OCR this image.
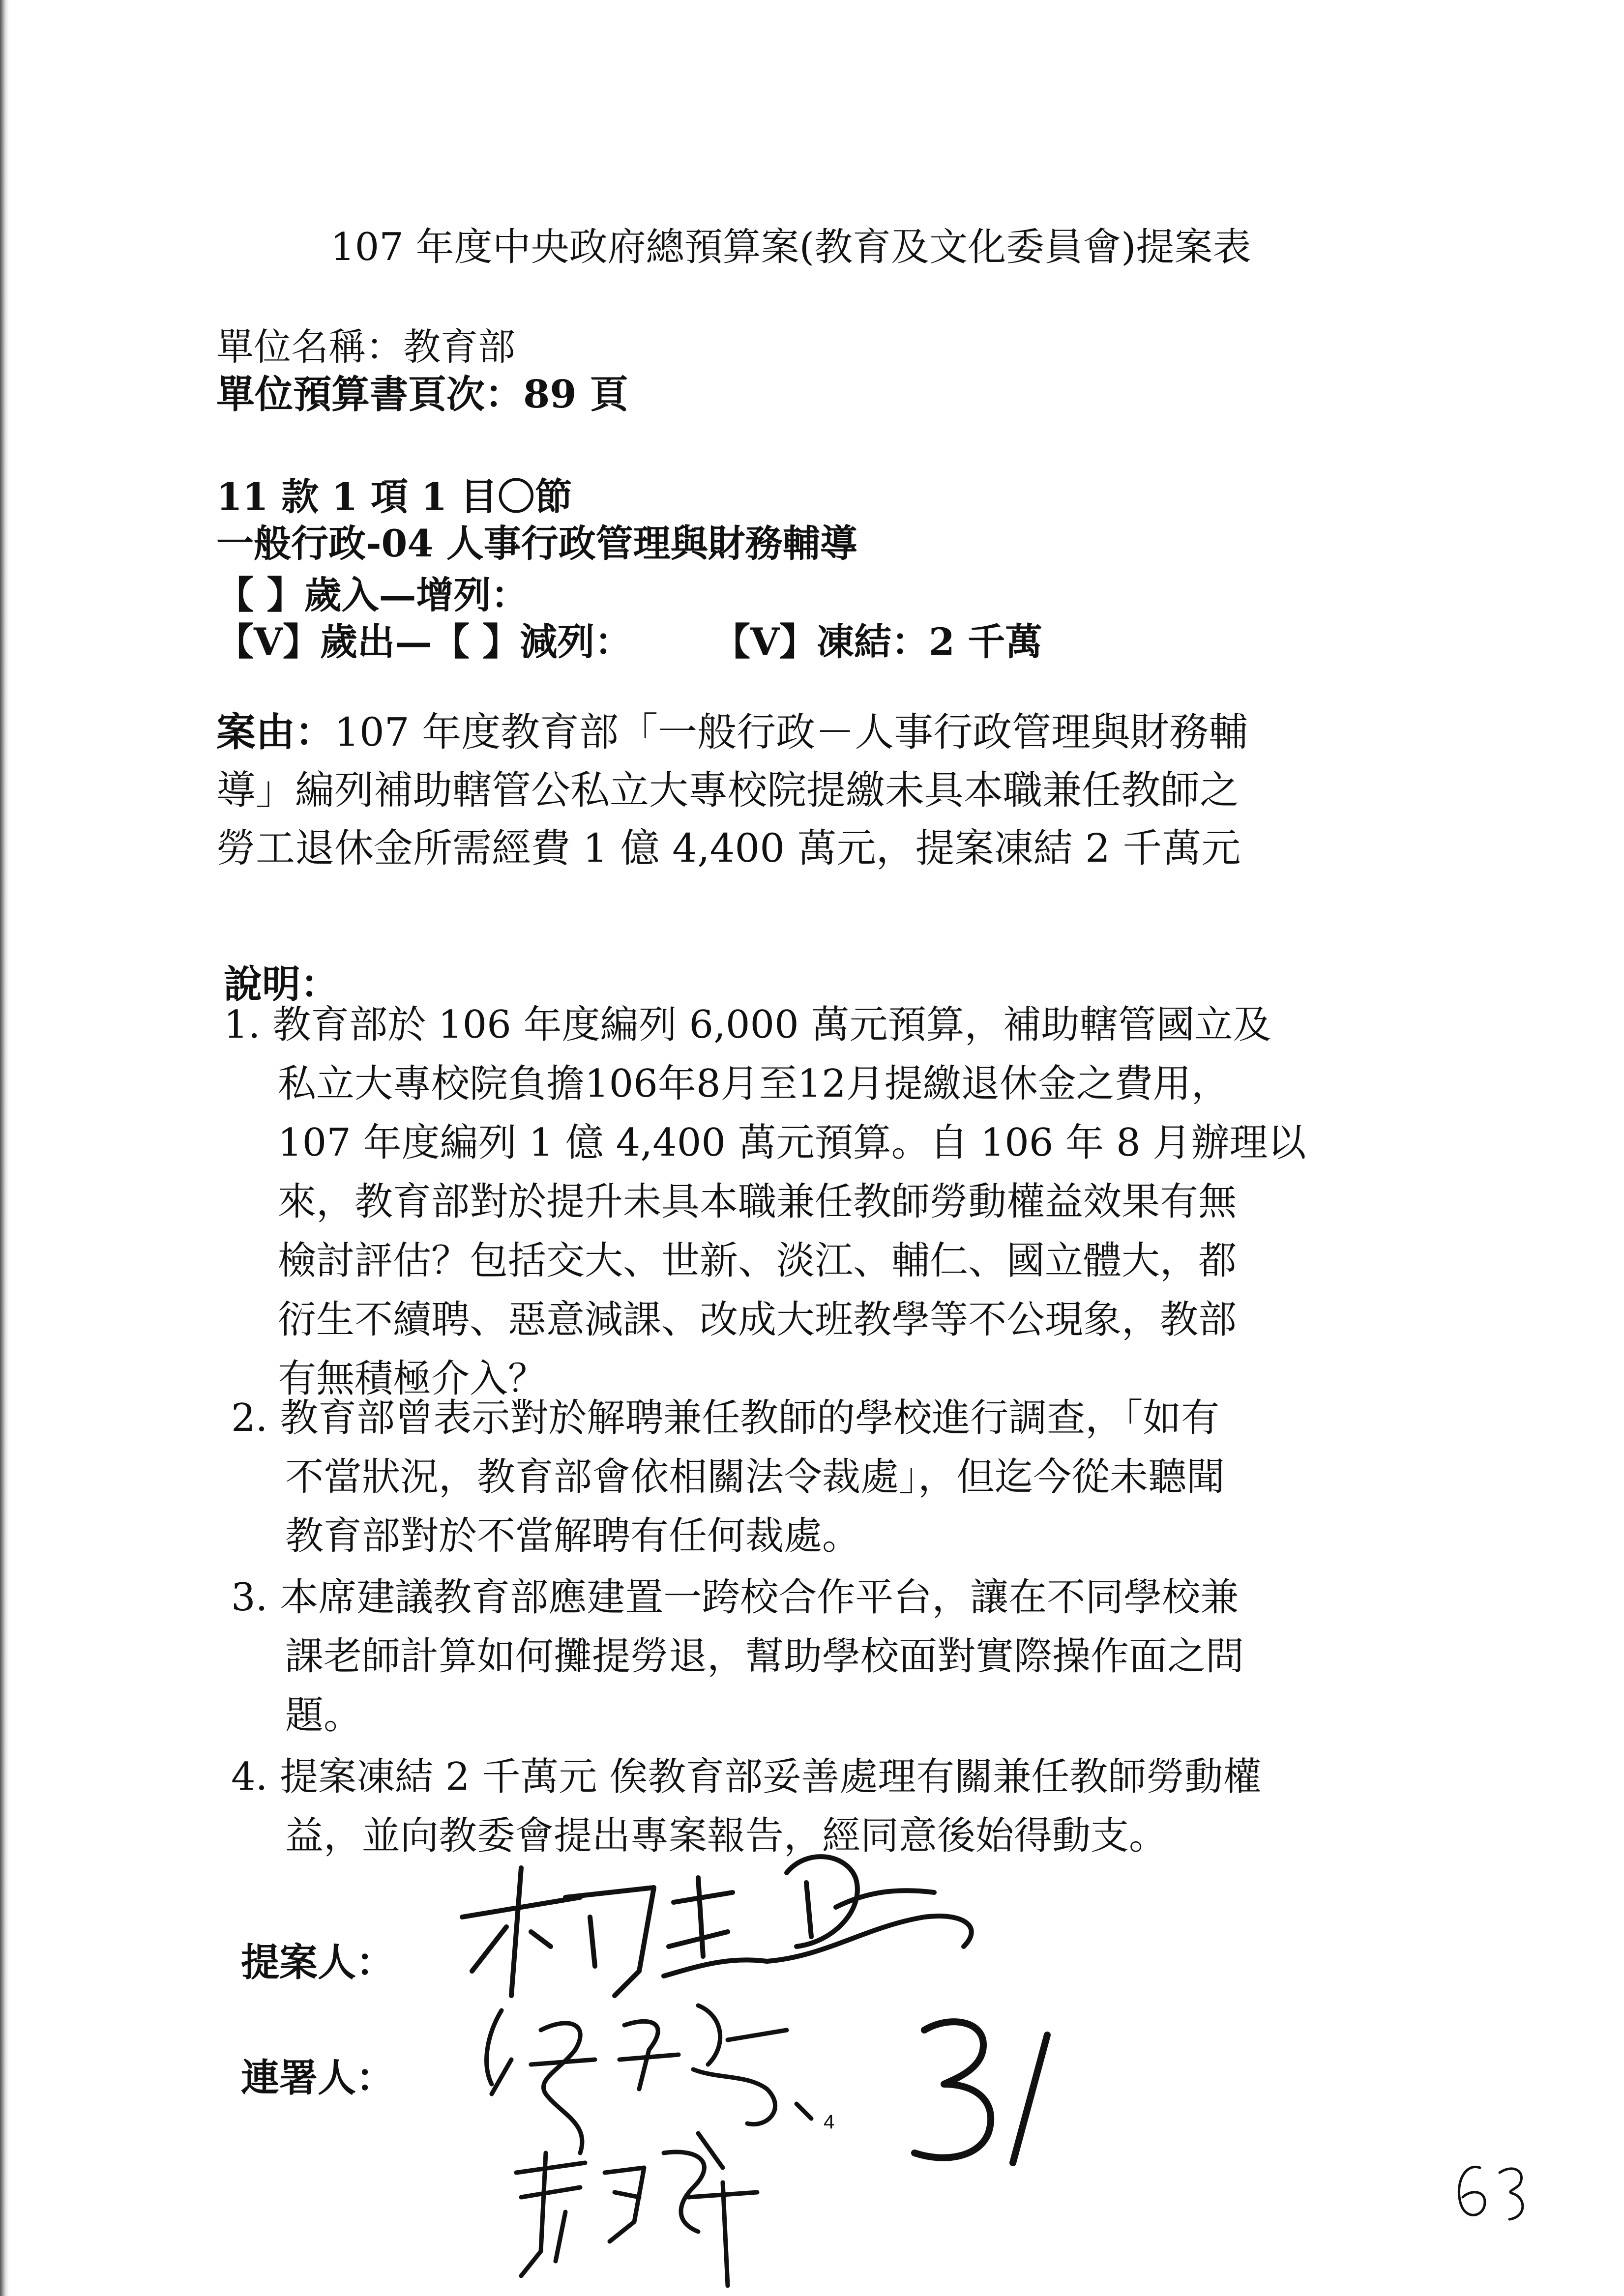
107 年度中央政府總預算案(教育及文化委員會)提案表
單位名稱：教育部
單位預算書頁次：89 頁
11 款 1 項 1 目〇節
一般行政-04 人事行政管理與財務輔導
【 】歲入—增列：
【V】歲出—【 】減列： 【V】凍結：2 千萬
案由：107 年度教育部「一般行政－人事行政管理與財務輔
導」編列補助轄管公私立大專校院提繳未具本職兼任教師之
勞工退休金所需經費 1 億 4,400 萬元，提案凍結 2 千萬元
說明：
1. 教育部於 106 年度編列 6,000 萬元預算，補助轄管國立及
私立大專校院負擔106年8月至12月提繳退休金之費用，
107 年度編列 1 億 4,400 萬元預算。自 106 年 8 月辦理以
來，教育部對於提升未具本職兼任教師勞動權益效果有無
檢討評估？包括交大、世新、淡江、輔仁、國立體大，都
衍生不續聘、惡意減課、改成大班教學等不公現象，教部
有無積極介入？
2. 教育部曾表示對於解聘兼任教師的學校進行調查，「如有
不當狀況，教育部會依相關法令裁處」，但迄今從未聽聞
教育部對於不當解聘有任何裁處。
3. 本席建議教育部應建置一跨校合作平台，讓在不同學校兼
課老師計算如何攤提勞退，幫助學校面對實際操作面之問
題。
4. 提案凍結 2 千萬元 俟教育部妥善處理有關兼任教師勞動權
益，並向教委會提出專案報告，經同意後始得動支。
提案人：
連署人：
4
